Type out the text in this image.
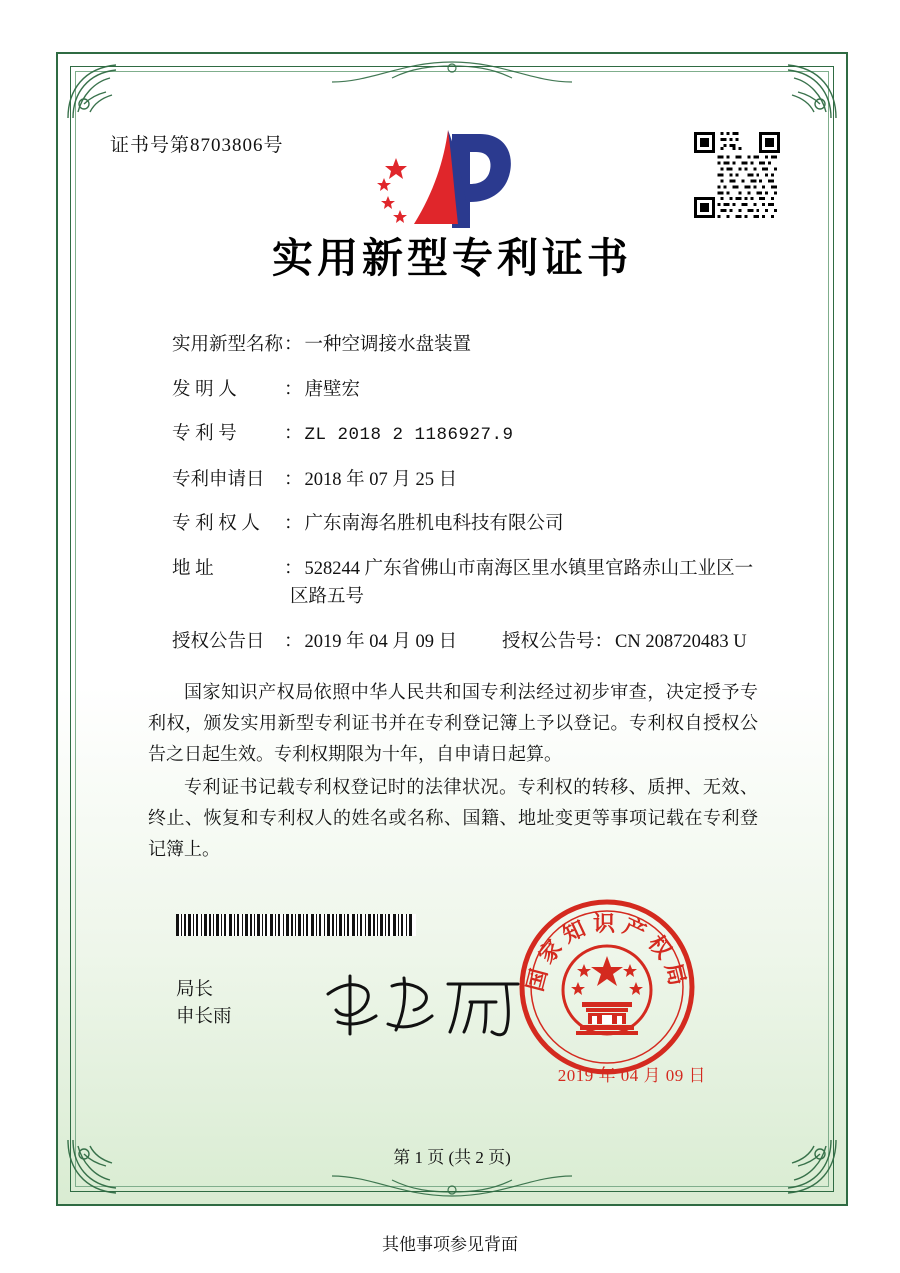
证书号第8703806号
实用新型专利证书
实用新型名称 ： 一种空调接水盘装置
发 明 人	： 唐壁宏
专 利 号	： ZL 2018 2 1186927.9
专利申请日	： 2018 年 07 月 25 日
专 利 权 人	： 广东南海名胜机电科技有限公司
地 址	： 528244 广东省佛山市南海区里水镇里官路赤山工业区一
区路五号
授权公告日	： 2019 年 04 月 09 日	授权公告号 ： CN 208720483 U

国家知识产权局依照中华人民共和国专利法经过初步审查，决定授予专利权，颁发实用新型专利证书并在专利登记簿上予以登记。专利权自授权公告之日起生效。专利权期限为十年，自申请日起算。

专利证书记载专利权登记时的法律状况。专利权的转移、质押、无效、终止、恢复和专利权人的姓名或名称、国籍、地址变更等事项记载在专利登记簿上。

局长
申长雨
国家知识产权局
2019 年 04 月 09 日
第 1 页 (共 2 页)
其他事项参见背面
